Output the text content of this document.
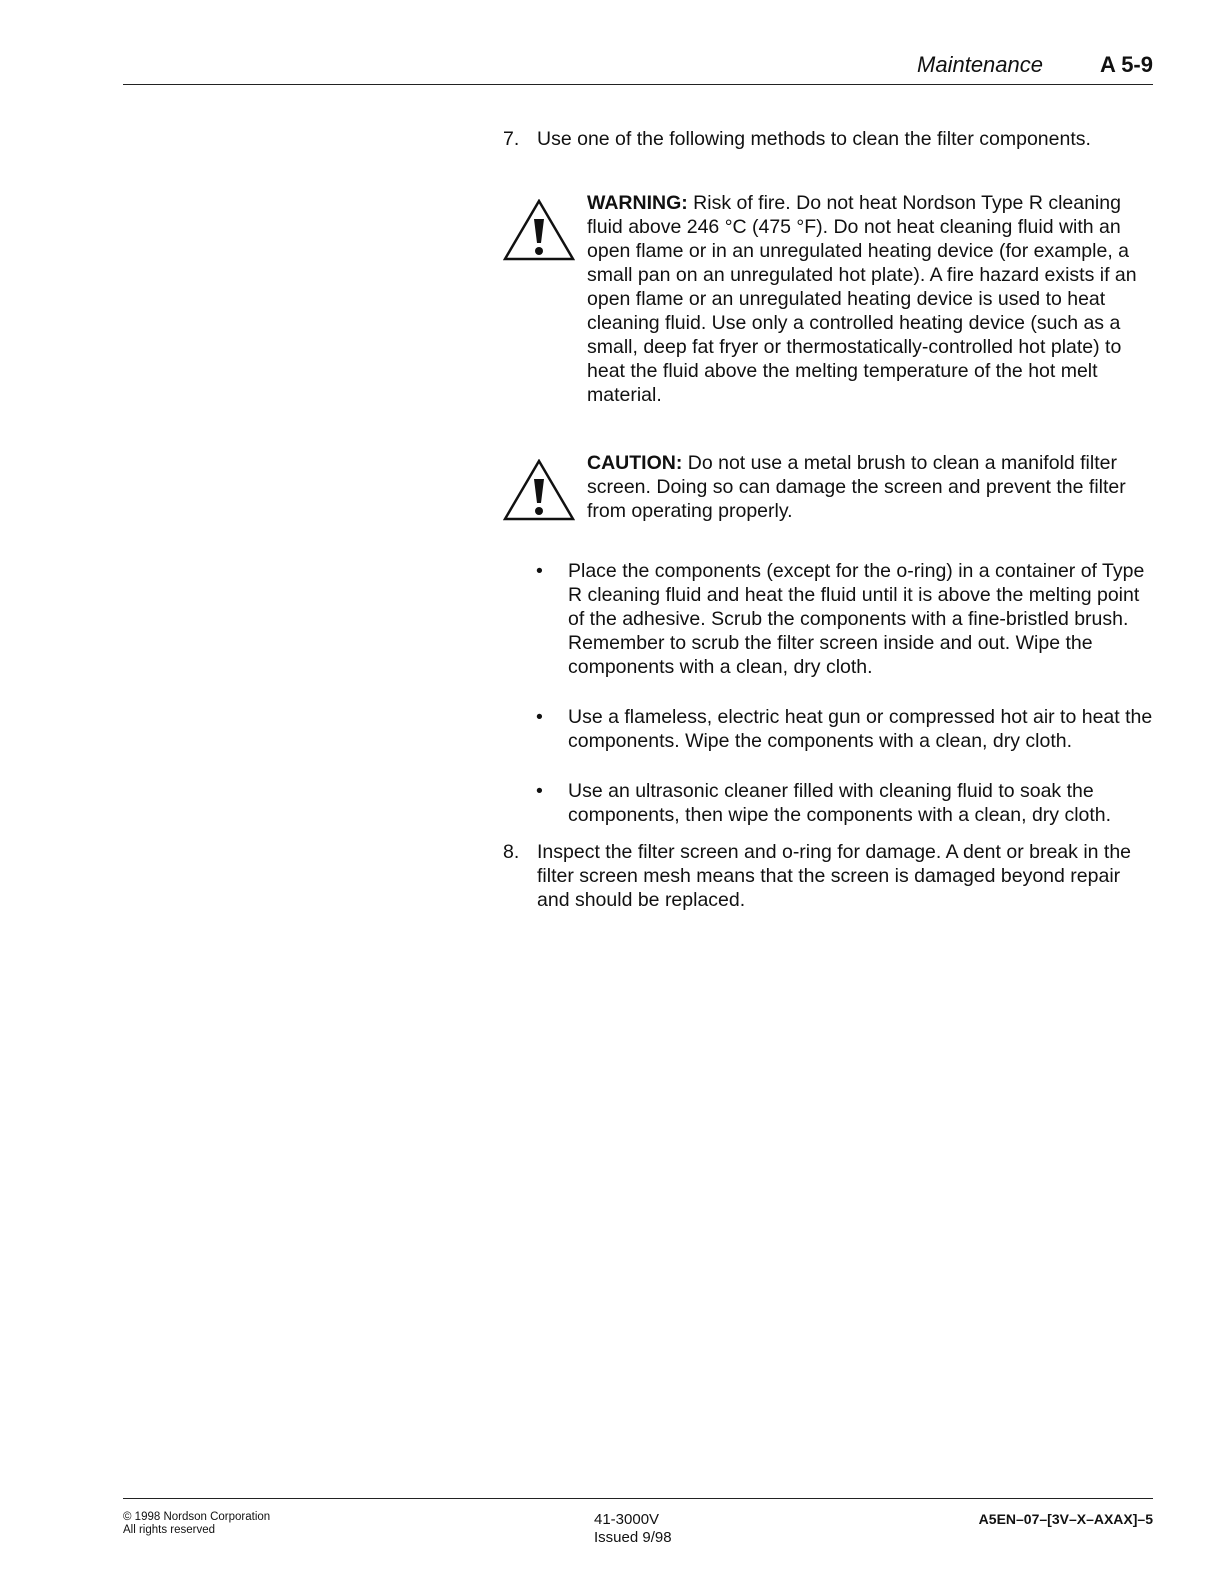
Maintenance	A 5-9

7. Use one of the following methods to clean the filter components.

WARNING: Risk of fire. Do not heat Nordson Type R cleaning fluid above 246 °C (475 °F). Do not heat cleaning fluid with an open flame or in an unregulated heating device (for example, a small pan on an unregulated hot plate). A fire hazard exists if an open flame or an unregulated heating device is used to heat cleaning fluid. Use only a controlled heating device (such as a small, deep fat fryer or thermostatically-controlled hot plate) to heat the fluid above the melting temperature of the hot melt material.
CAUTION: Do not use a metal brush to clean a manifold filter screen. Doing so can damage the screen and prevent the filter from operating properly.
• Place the components (except for the o-ring) in a container of Type R cleaning fluid and heat the fluid until it is above the melting point of the adhesive. Scrub the components with a fine-bristled brush. Remember to scrub the filter screen inside and out. Wipe the components with a clean, dry cloth.
• Use a flameless, electric heat gun or compressed hot air to heat the components. Wipe the components with a clean, dry cloth.
• Use an ultrasonic cleaner filled with cleaning fluid to soak the components, then wipe the components with a clean, dry cloth.

8. Inspect the filter screen and o-ring for damage. A dent or break in the filter screen mesh means that the screen is damaged beyond repair and should be replaced.

© 1998 Nordson Corporation
All rights reserved
41-3000V
Issued 9/98
A5EN–07–[3V–X–AXAX]–5
